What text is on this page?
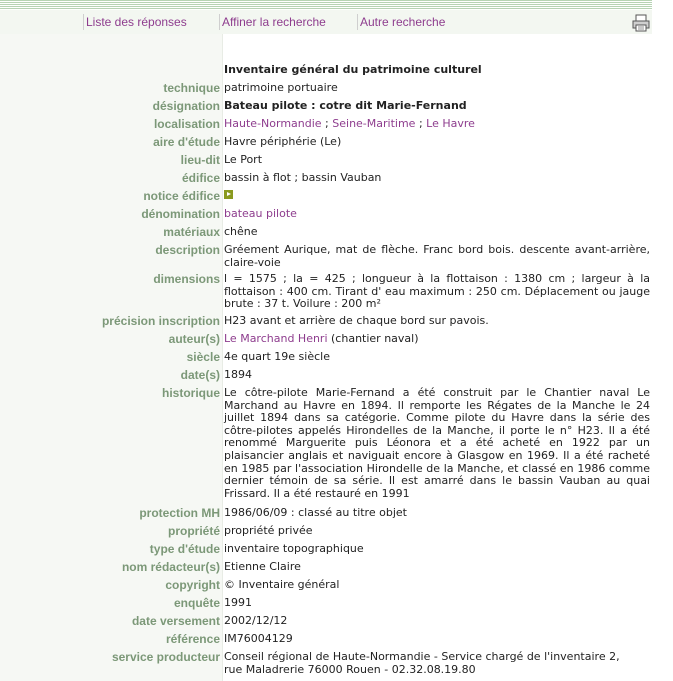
Liste des réponses	Affiner la recherche	Autre recherche
Inventaire général du patrimoine culturel
technique patrimoine portuaire
désignation Bateau pilote : cotre dit Marie-Fernand
localisation Haute-Normandie ; Seine-Maritime ; Le Havre
aire d'étude Havre périphérie (Le)
lieu-dit Le Port
édifice bassin à flot ; bassin Vauban
notice édifice
dénomination bateau pilote
matériaux chêne
description Gréement Aurique, mat de flèche. Franc bord bois. descente avant-arrière, claire-voie
dimensions l = 1575 ; la = 425 ; longueur à la flottaison : 1380 cm ; largeur à la flottaison : 400 cm. Tirant d' eau maximum : 250 cm. Déplacement ou jauge brute : 37 t. Voilure : 200 m²
précision inscription H23 avant et arrière de chaque bord sur pavois.
auteur(s) Le Marchand Henri (chantier naval)
siècle 4e quart 19e siècle
date(s) 1894
historique Le côtre-pilote Marie-Fernand a été construit par le Chantier naval Le Marchand au Havre en 1894. Il remporte les Régates de la Manche le 24 juillet 1894 dans sa catégorie. Comme pilote du Havre dans la série des côtre-pilotes appelés Hirondelles de la Manche, il porte le n° H23. Il a été renommé Marguerite puis Léonora et a été acheté en 1922 par un plaisancier anglais et naviguait encore à Glasgow en 1969. Il a été racheté en 1985 par l'association Hirondelle de la Manche, et classé en 1986 comme dernier témoin de sa série. Il est amarré dans le bassin Vauban au quai Frissard. Il a été restauré en 1991
protection MH 1986/06/09 : classé au titre objet
propriété propriété privée
type d'étude inventaire topographique
nom rédacteur(s) Etienne Claire
copyright © Inventaire général
enquête 1991
date versement 2002/12/12
référence IM76004129
service producteur Conseil régional de Haute-Normandie - Service chargé de l'inventaire 2, rue Maladrerie 76000 Rouen - 02.32.08.19.80
